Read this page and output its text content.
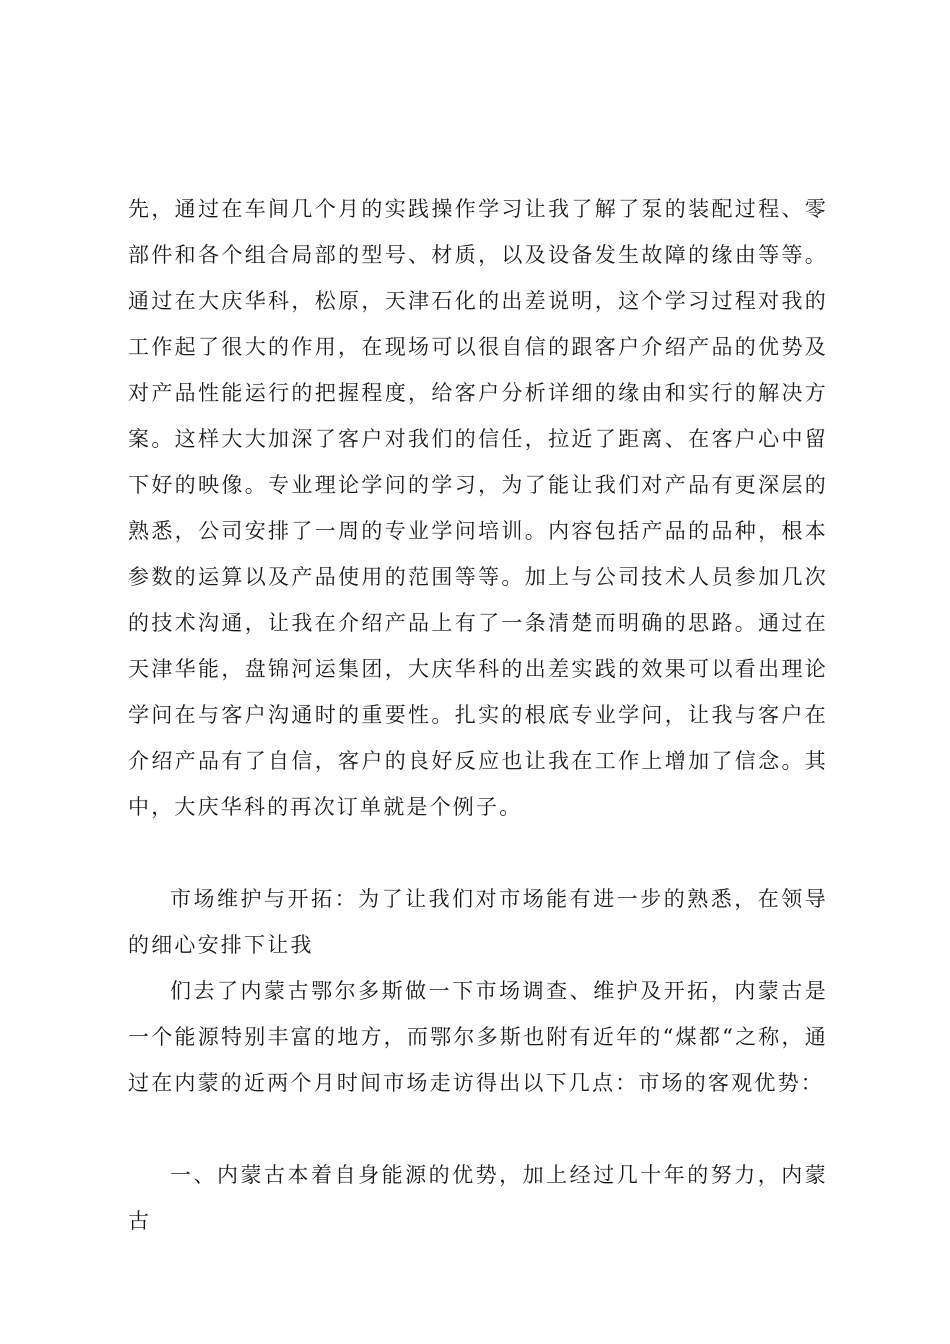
先，通过在车间几个月的实践操作学习让我了解了泵的装配过程、零部件和各个组合局部的型号、材质，以及设备发生故障的缘由等等。通过在大庆华科，松原，天津石化的出差说明，这个学习过程对我的工作起了很大的作用，在现场可以很自信的跟客户介绍产品的优势及对产品性能运行的把握程度，给客户分析详细的缘由和实行的解决方案。这样大大加深了客户对我们的信任，拉近了距离、在客户心中留下好的映像。专业理论学问的学习，为了能让我们对产品有更深层的熟悉，公司安排了一周的专业学问培训。内容包括产品的品种，根本参数的运算以及产品使用的范围等等。加上与公司技术人员参加几次的技术沟通，让我在介绍产品上有了一条清楚而明确的思路。通过在天津华能，盘锦河运集团，大庆华科的出差实践的效果可以看出理论学问在与客户沟通时的重要性。扎实的根底专业学问，让我与客户在介绍产品有了自信，客户的良好反应也让我在工作上增加了信念。其中，大庆华科的再次订单就是个例子。

市场维护与开拓：为了让我们对市场能有进一步的熟悉，在领导的细心安排下让我

们去了内蒙古鄂尔多斯做一下市场调查、维护及开拓，内蒙古是一个能源特别丰富的地方，而鄂尔多斯也附有近年的“煤都“之称，通过在内蒙的近两个月时间市场走访得出以下几点：市场的客观优势：

一、内蒙古本着自身能源的优势，加上经过几十年的努力，内蒙古
